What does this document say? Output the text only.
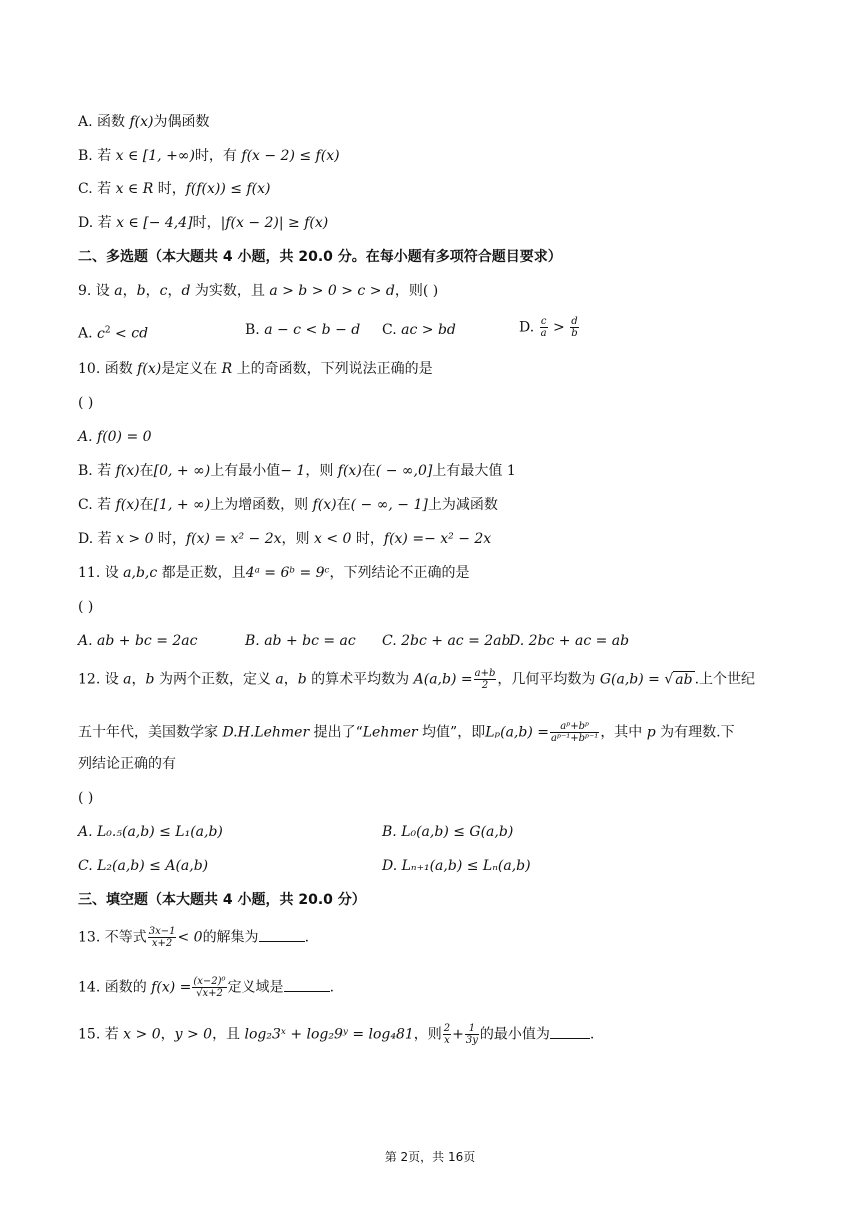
A. 函数 f(x)为偶函数
B. 若 x ∈ [1, +∞)时，有 f(x − 2) ≤ f(x)
C. 若 x ∈ R 时，f(f(x)) ≤ f(x)
D. 若 x ∈ [− 4,4]时，|f(x − 2)| ≥ f(x)
二、多选题（本大题共 4 小题，共 20.0 分。在每小题有多项符合题目要求）
9. 设 a，b，c，d 为实数，且 a > b > 0 > c > d，则( )
A. $c^2$ < cd	B. a − c < b − d C. ac > bd	D. $\frac{c}{a} > \frac{d}{b}$
10. 函数 f(x)是定义在 R 上的奇函数，下列说法正确的是
( )
A. f(0) = 0
B. 若 f(x)在[0, + ∞)上有最小值− 1，则 f(x)在( − ∞,0]上有最大值 1
C. 若 f(x)在[1, + ∞)上为增函数，则 f(x)在( − ∞, − 1]上为减函数
D. 若 x > 0 时，f(x) = x² − 2x，则 x < 0 时，f(x) =− x² − 2x
11. 设 a,b,c 都是正数，且4ᵃ = 6ᵇ = 9ᶜ，下列结论不正确的是
( )
A. ab + bc = 2ac	B. ab + bc = ac C. 2bc + ac = 2ab
D. 2bc + ac = ab
12. 设 a，b 为两个正数，定义 a，b 的算术平均数为 $A(a,b) = \frac{a+b}{2}$ ，几何平均数为 G(a,b) = √ ab .上个世纪
五十年代，美国数学家 D.H.Lehmer 提出了“Lehmer 均值”，即$L_p(a,b) = \frac{\text{aᵖ+bᵖ}}{\text{aᵖ⁻¹+bᵖ⁻¹}}$ ，其中 p 为有理数.下
列结论正确的有
( )
A. L₀.₅(a,b) ≤ L₁(a,b)	B. L₀(a,b) ≤ G(a,b)
C. L₂(a,b) ≤ A(a,b)	D. Lₙ₊₁(a,b) ≤ Lₙ(a,b)
三、填空题（本大题共 4 小题，共 20.0 分）
13. 不等式 $\frac{3x-1}{x+2} < 0$的解集为	.
14. 函数的 $f(x) = \frac{\text{(x−2)⁰}}{√x+2}$ 定义域是	.
15. 若 x > 0，y > 0，且 log₂3ˣ + log₂9ʸ = log₄81，则 $\frac{2}{x} + \frac{1}{3y}$ 的最小值为	.
第 2页，共 16页
